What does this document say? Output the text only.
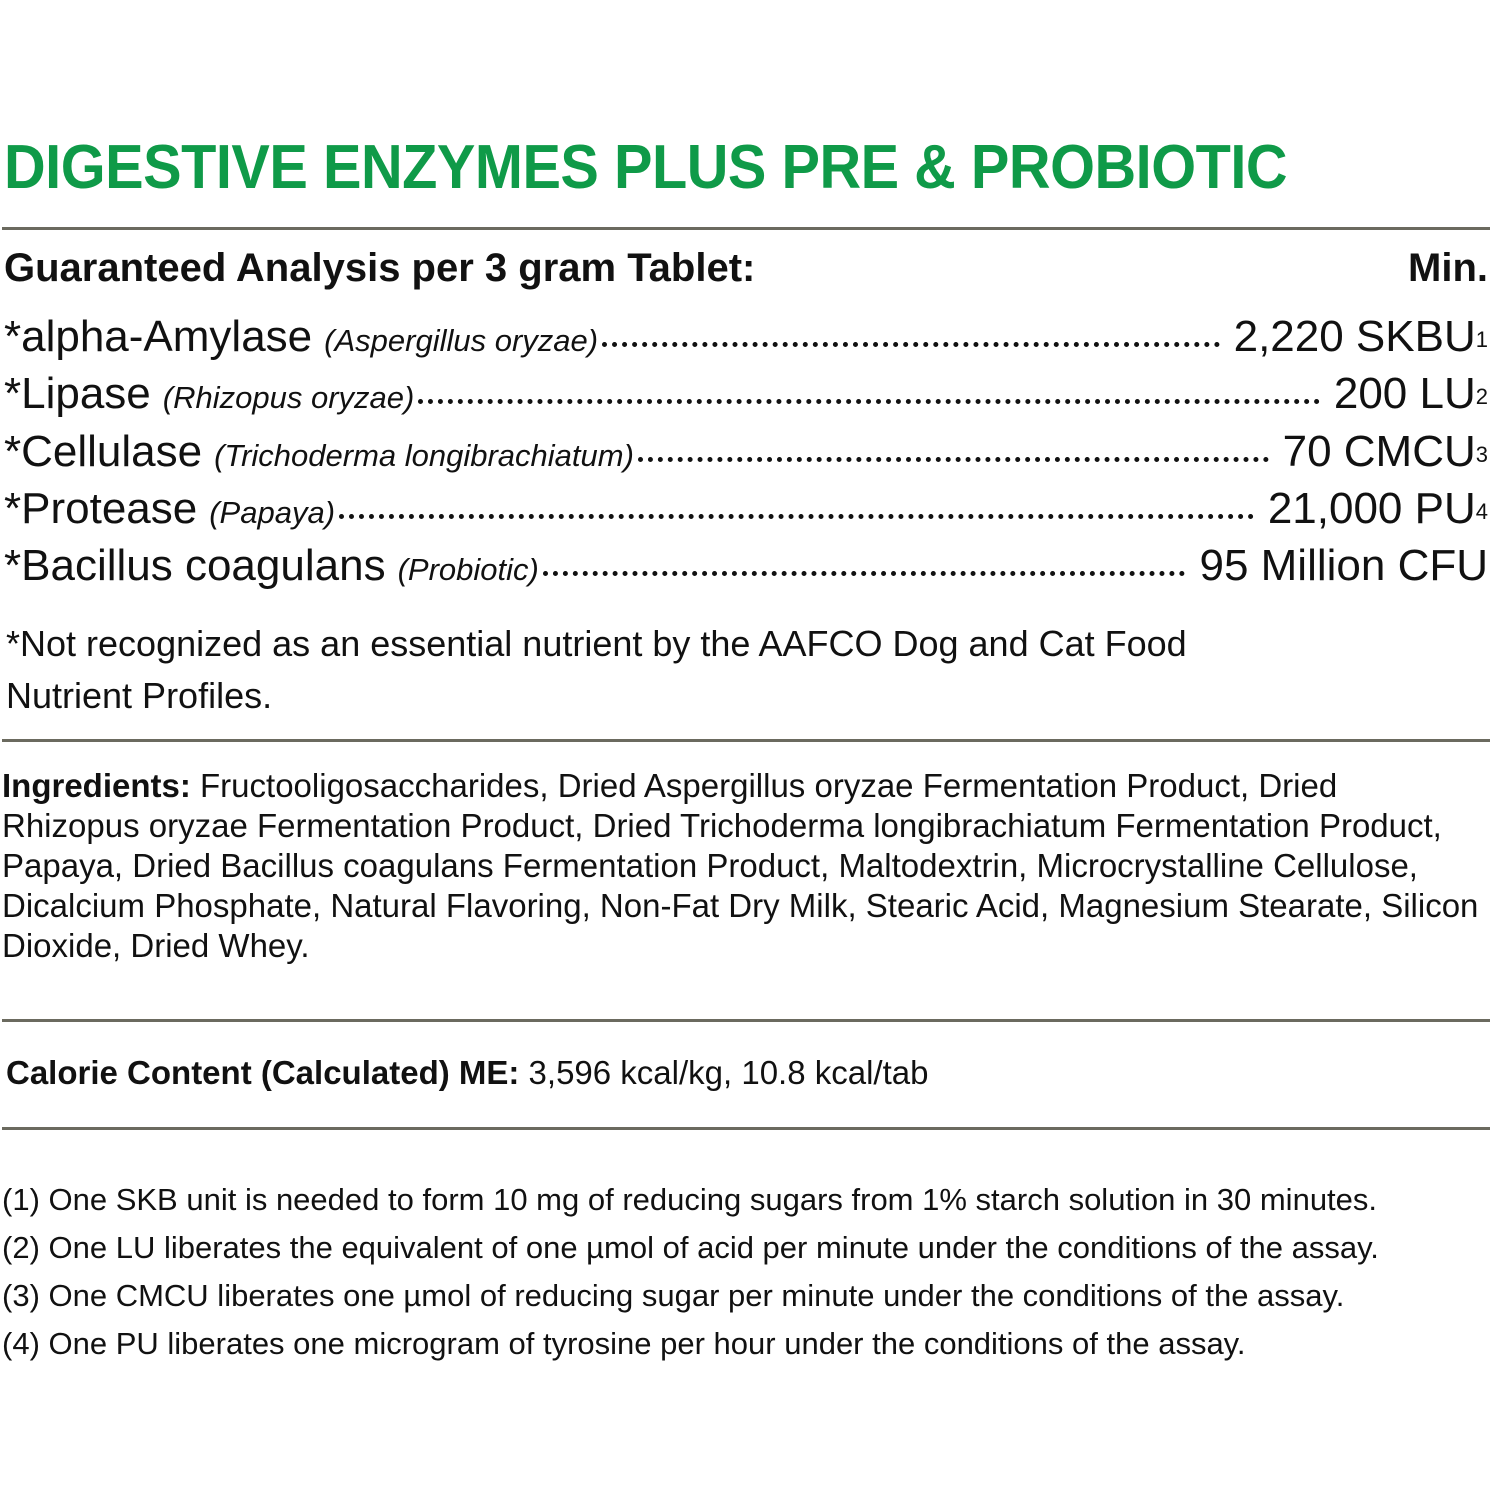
DIGESTIVE ENZYMES PLUS PRE & PROBIOTIC
Guaranteed Analysis per 3 gram Tablet:	Min.
*alpha-Amylase (Aspergillus oryzae)	2,220 SKBU$^1$
*Lipase (Rhizopus oryzae)	200 $LU^2$
*Cellulase (Trichoderma longibrachiatum)	70 CMCU$^3$
*Protease (Papaya)	21,000 $PU^4$
*Bacillus coagulans (Probiotic)	95 Million CFU
*Not recognized as an essential nutrient by the AAFCO Dog and Cat Food Nutrient Profiles.
Ingredients: Fructooligosaccharides, Dried Aspergillus oryzae Fermentation Product, Dried Rhizopus oryzae Fermentation Product, Dried Trichoderma longibrachiatum Fermentation Product, Papaya, Dried Bacillus coagulans Fermentation Product, Maltodextrin, Microcrystalline Cellulose, Dicalcium Phosphate, Natural Flavoring, Non-Fat Dry Milk, Stearic Acid, Magnesium Stearate, Silicon Dioxide, Dried Whey.
Calorie Content (Calculated) ME: 3,596 kcal/kg, 10.8 kcal/tab
(1) One SKB unit is needed to form 10 mg of reducing sugars from 1% starch solution in 30 minutes.
(2) One LU liberates the equivalent of one µmol of acid per minute under the conditions of the assay.
(3) One CMCU liberates one µmol of reducing sugar per minute under the conditions of the assay.
(4) One PU liberates one microgram of tyrosine per hour under the conditions of the assay.
